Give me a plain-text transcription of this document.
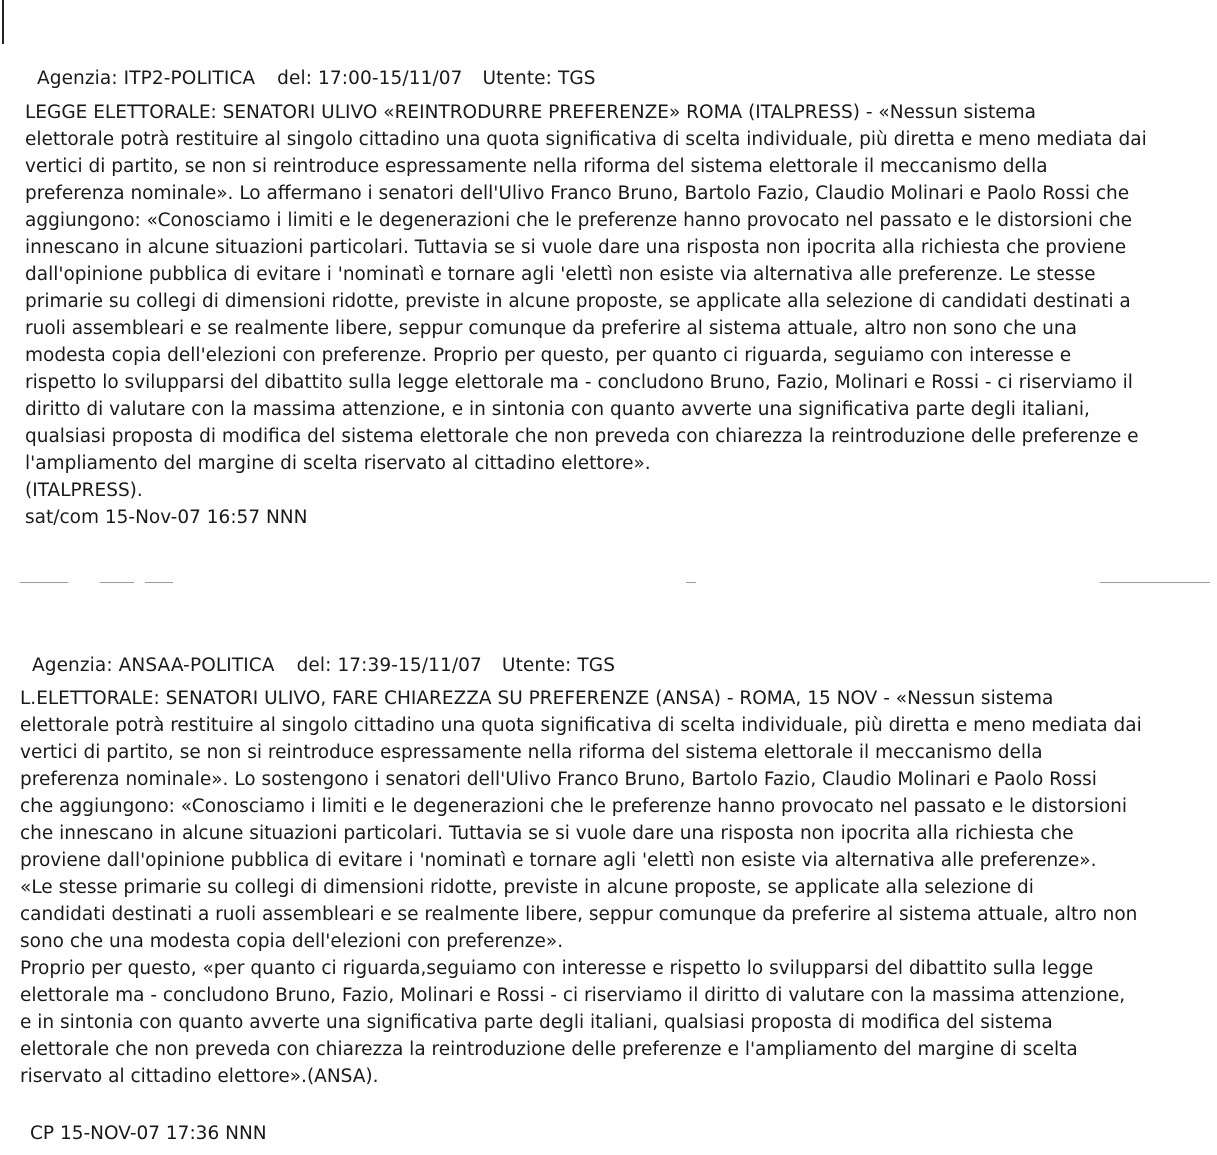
Agenzia: ITP2-POLITICA del: 17:00-15/11/07 Utente: TGS

LEGGE ELETTORALE: SENATORI ULIVO «REINTRODURRE PREFERENZE» ROMA (ITALPRESS) - «Nessun sistema
elettorale potrà restituire al singolo cittadino una quota significativa di scelta individuale, più diretta e meno mediata dai
vertici di partito, se non si reintroduce espressamente nella riforma del sistema elettorale il meccanismo della
preferenza nominale». Lo affermano i senatori dell'Ulivo Franco Bruno, Bartolo Fazio, Claudio Molinari e Paolo Rossi che
aggiungono: «Conosciamo i limiti e le degenerazioni che le preferenze hanno provocato nel passato e le distorsioni che
innescano in alcune situazioni particolari. Tuttavia se si vuole dare una risposta non ipocrita alla richiesta che proviene
dall'opinione pubblica di evitare i 'nominatì e tornare agli 'elettì non esiste via alternativa alle preferenze. Le stesse
primarie su collegi di dimensioni ridotte, previste in alcune proposte, se applicate alla selezione di candidati destinati a
ruoli assembleari e se realmente libere, seppur comunque da preferire al sistema attuale, altro non sono che una
modesta copia dell'elezioni con preferenze. Proprio per questo, per quanto ci riguarda, seguiamo con interesse e
rispetto lo svilupparsi del dibattito sulla legge elettorale ma - concludono Bruno, Fazio, Molinari e Rossi - ci riserviamo il
diritto di valutare con la massima attenzione, e in sintonia con quanto avverte una significativa parte degli italiani,
qualsiasi proposta di modifica del sistema elettorale che non preveda con chiarezza la reintroduzione delle preferenze e
l'ampliamento del margine di scelta riservato al cittadino elettore».
(ITALPRESS).
sat/com 15-Nov-07 16:57 NNN

Agenzia: ANSAA-POLITICA del: 17:39-15/11/07 Utente: TGS

L.ELETTORALE: SENATORI ULIVO, FARE CHIAREZZA SU PREFERENZE (ANSA) - ROMA, 15 NOV - «Nessun sistema
elettorale potrà restituire al singolo cittadino una quota significativa di scelta individuale, più diretta e meno mediata dai
vertici di partito, se non si reintroduce espressamente nella riforma del sistema elettorale il meccanismo della
preferenza nominale». Lo sostengono i senatori dell'Ulivo Franco Bruno, Bartolo Fazio, Claudio Molinari e Paolo Rossi
che aggiungono: «Conosciamo i limiti e le degenerazioni che le preferenze hanno provocato nel passato e le distorsioni
che innescano in alcune situazioni particolari. Tuttavia se si vuole dare una risposta non ipocrita alla richiesta che
proviene dall'opinione pubblica di evitare i 'nominatì e tornare agli 'elettì non esiste via alternativa alle preferenze».
«Le stesse primarie su collegi di dimensioni ridotte, previste in alcune proposte, se applicate alla selezione di
candidati destinati a ruoli assembleari e se realmente libere, seppur comunque da preferire al sistema attuale, altro non
sono che una modesta copia dell'elezioni con preferenze».
Proprio per questo, «per quanto ci riguarda,seguiamo con interesse e rispetto lo svilupparsi del dibattito sulla legge
elettorale ma - concludono Bruno, Fazio, Molinari e Rossi - ci riserviamo il diritto di valutare con la massima attenzione,
e in sintonia con quanto avverte una significativa parte degli italiani, qualsiasi proposta di modifica del sistema
elettorale che non preveda con chiarezza la reintroduzione delle preferenze e l'ampliamento del margine di scelta
riservato al cittadino elettore».(ANSA).
CP 15-NOV-07 17:36 NNN
